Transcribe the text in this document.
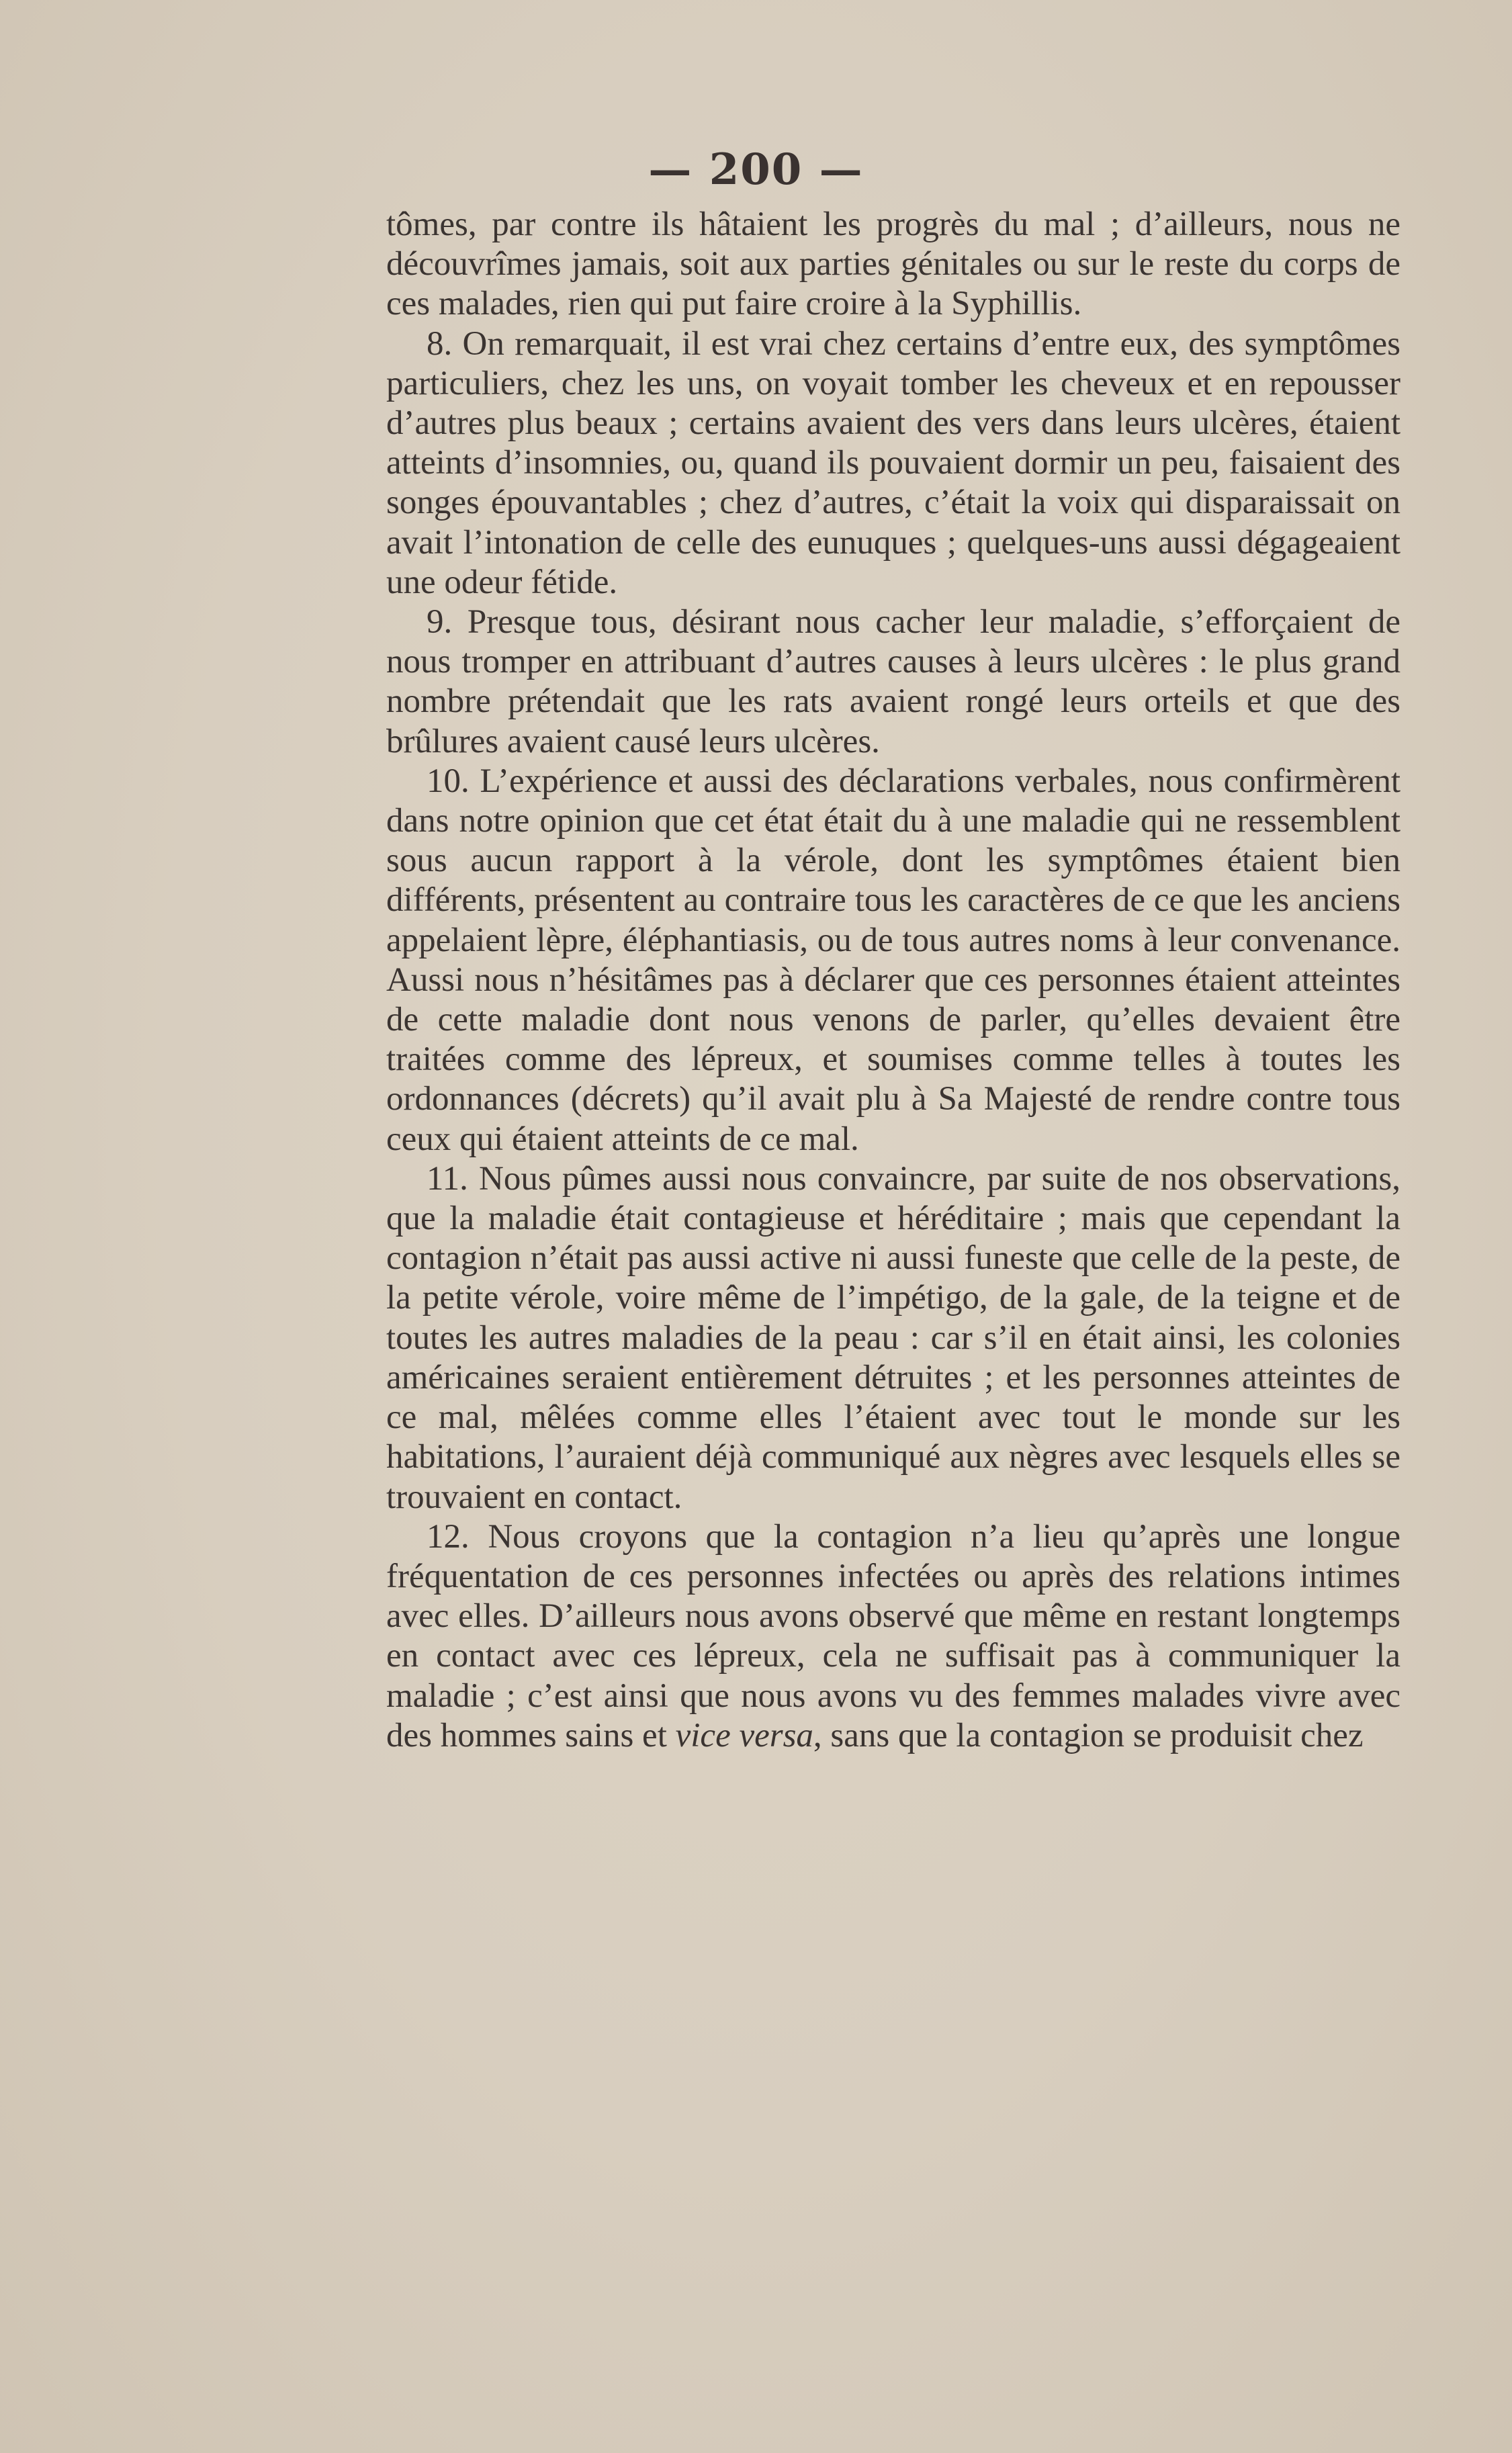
— 200 —

tômes, par contre ils hâtaient les progrès du mal ; d’ailleurs, nous ne découvrîmes jamais, soit aux parties génitales ou sur le reste du corps de ces malades, rien qui put faire croire à la Syphillis.

8. On remarquait, il est vrai chez certains d’entre eux, des symptômes particuliers, chez les uns, on voyait tomber les cheveux et en repousser d’autres plus beaux ; certains avaient des vers dans leurs ulcères, étaient atteints d’insomnies, ou, quand ils pouvaient dormir un peu, faisaient des songes épouvantables ; chez d’autres, c’était la voix qui disparaissait on avait l’intonation de celle des eunuques ; quelques-uns aussi dégageaient une odeur fétide.

9. Presque tous, désirant nous cacher leur maladie, s’efforçaient de nous tromper en attribuant d’autres causes à leurs ulcères : le plus grand nombre prétendait que les rats avaient rongé leurs orteils et que des brûlures avaient causé leurs ulcères.

10. L’expérience et aussi des déclarations verbales, nous confirmèrent dans notre opinion que cet état était du à une maladie qui ne ressemblent sous aucun rapport à la vérole, dont les symptômes étaient bien différents, présentent au contraire tous les caractères de ce que les anciens appelaient lèpre, éléphantiasis, ou de tous autres noms à leur convenance. Aussi nous n’hésitâmes pas à déclarer que ces personnes étaient atteintes de cette maladie dont nous venons de parler, qu’elles devaient être traitées comme des lépreux, et soumises comme telles à toutes les ordonnances (décrets) qu’il avait plu à Sa Majesté de rendre contre tous ceux qui étaient atteints de ce mal.

11. Nous pûmes aussi nous convaincre, par suite de nos observations, que la maladie était contagieuse et héréditaire ; mais que cependant la contagion n’était pas aussi active ni aussi funeste que celle de la peste, de la petite vérole, voire même de l’impétigo, de la gale, de la teigne et de toutes les autres maladies de la peau : car s’il en était ainsi, les colonies américaines seraient entièrement détruites ; et les personnes atteintes de ce mal, mêlées comme elles l’étaient avec tout le monde sur les habitations, l’auraient déjà communiqué aux nègres avec lesquels elles se trouvaient en contact.

12. Nous croyons que la contagion n’a lieu qu’après une longue fréquentation de ces personnes infectées ou après des relations intimes avec elles. D’ailleurs nous avons observé que même en restant longtemps en contact avec ces lépreux, cela ne suffisait pas à communiquer la maladie ; c’est ainsi que nous avons vu des femmes malades vivre avec des hommes sains et vice versa, sans que la contagion se produisit chez
